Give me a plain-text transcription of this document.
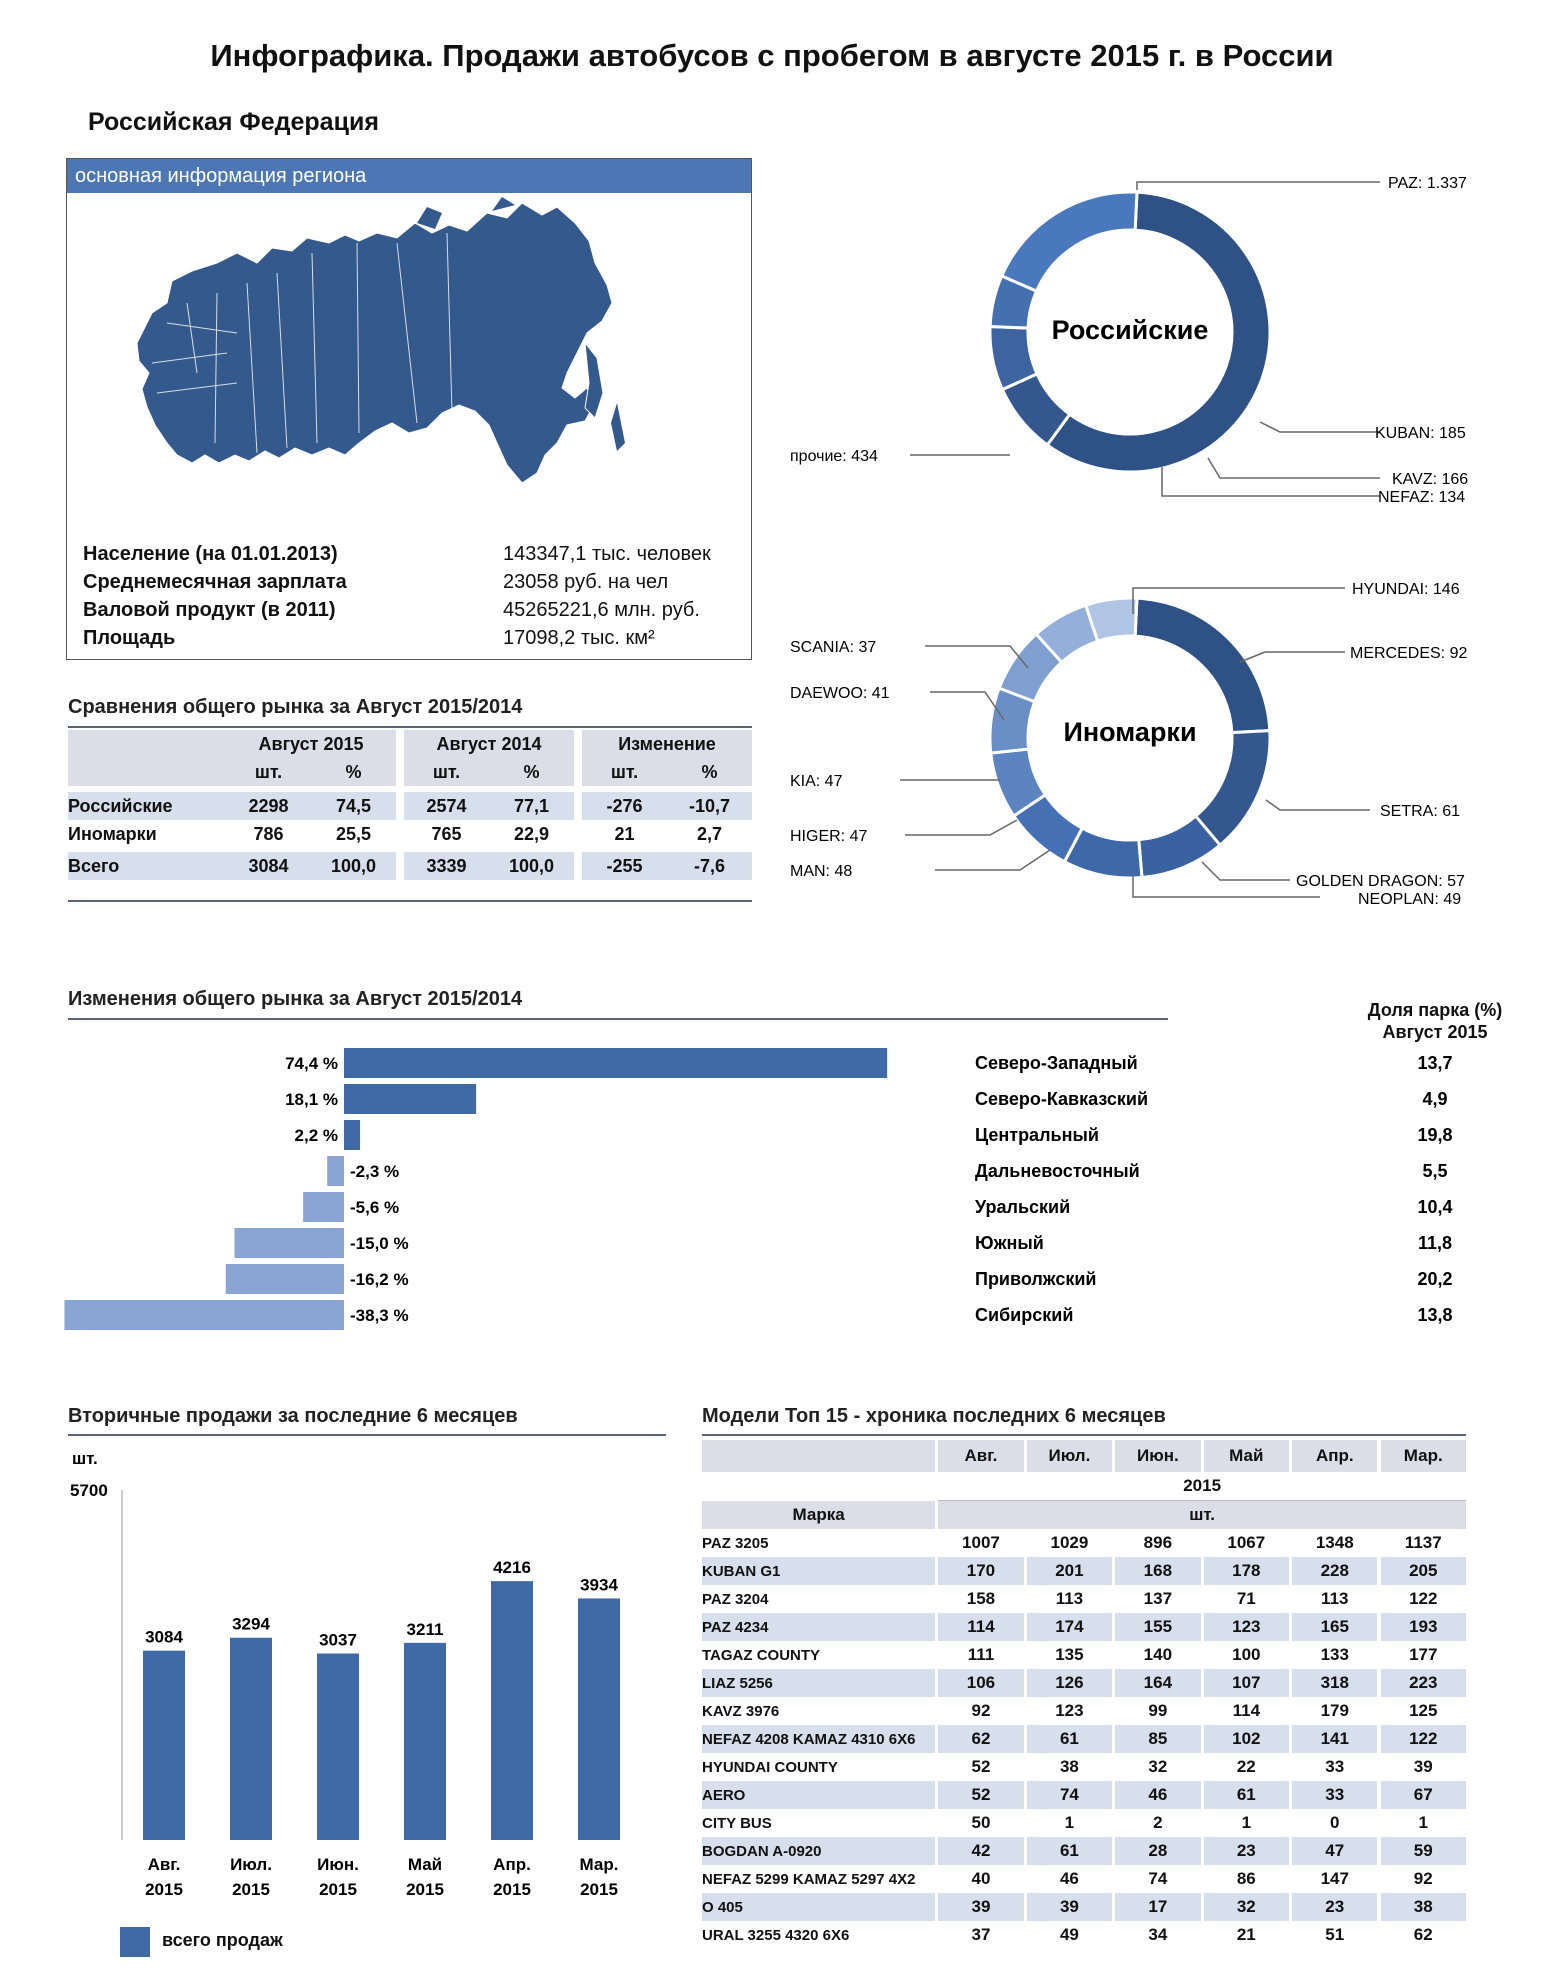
Инфографика. Продажи автобусов с пробегом в августе 2015 г. в России
Российская Федерация
основная информация региона
Население (на 01.01.2013)	143347,1 тыс. человек
Среднемесячная зарплата	23058 руб. на чел
Валовой продукт (в 2011)	45265221,6 млн. руб.
Площадь	17098,2 тыс. км²
Сравнения общего рынка за Август 2015/2014
	Август 2015			Август 2014			Изменение	
	шт.	%		шт.	%		шт.	%

Российские	2298	74,5		2574	77,1		-276	-10,7
Иномарки	786	25,5		765	22,9		21	2,7

Всего	3084	100,0		3339	100,0		-255	-7,6
Российские
PAZ: 1.337
KUBAN: 185
KAVZ: 166
NEFAZ: 134
прочие: 434
Иномарки
HYUNDAI: 146
MERCEDES: 92
SETRA: 61
GOLDEN DRAGON: 57
NEOPLAN: 49
MAN: 48
HIGER: 47
KIA: 47
DAEWOO: 41
SCANIA: 37
Изменения общего рынка за Август 2015/2014	Доля парка (%)
Август 2015
74,4 %	Северо-Западный	13,7
18,1 %	Северо-Кавказский	4,9
2,2 %	Центральный	19,8
-2,3 %	Дальневосточный	5,5
-5,6 %	Уральский	10,4
-15,0 %	Южный	11,8
-16,2 %	Приволжский	20,2
-38,3 %	Сибирский	13,8
Вторичные продажи за последние 6 месяцев
шт.
5700
3084
Авг.
2015
3294
Июл.
2015
3037
Июн.
2015
3211
Май
2015
4216
Апр.
2015
3934
Мар.
2015
всего продаж
Модели Топ 15 - хроника последних 6 месяцев
		Авг.		Июл.		Июн.		Май		Апр.		Мар.
		2015										
Марка		шт.										
PAZ 3205		1007		1029		896		1067		1348		1137
KUBAN G1		170		201		168		178		228		205
PAZ 3204		158		113		137		71		113		122
PAZ 4234		114		174		155		123		165		193
TAGAZ COUNTY		111		135		140		100		133		177
LIAZ 5256		106		126		164		107		318		223
KAVZ 3976		92		123		99		114		179		125
NEFAZ 4208 KAMAZ 4310 6X6		62		61		85		102		141		122
HYUNDAI COUNTY		52		38		32		22		33		39
AERO		52		74		46		61		33		67
CITY BUS		50		1		2		1		0		1
BOGDAN A-0920		42		61		28		23		47		59
NEFAZ 5299 KAMAZ 5297 4X2		40		46		74		86		147		92
O 405		39		39		17		32		23		38
URAL 3255 4320 6X6		37		49		34		21		51		62
